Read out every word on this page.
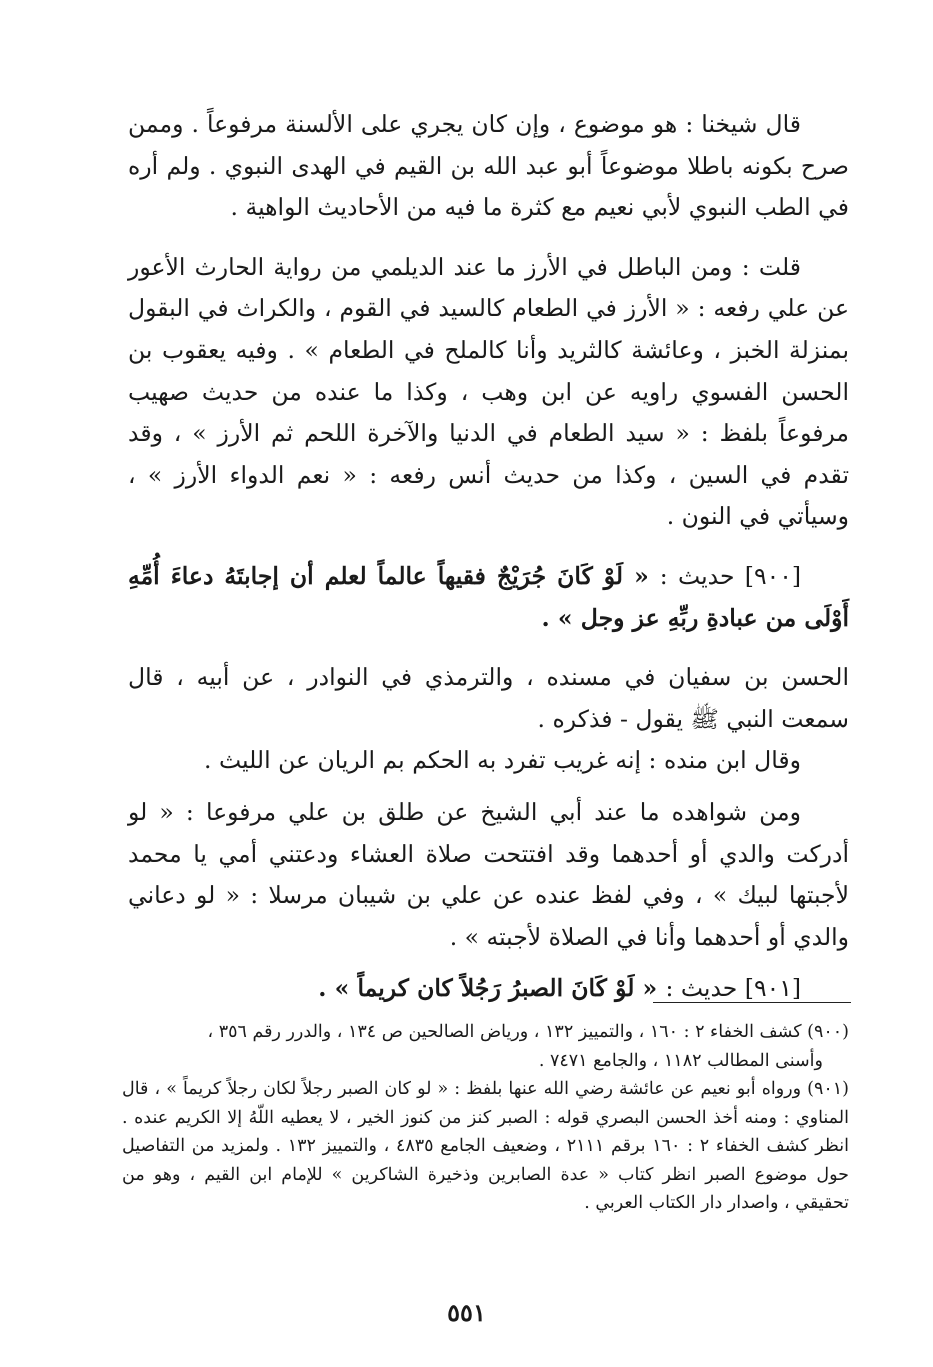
قال شيخنا : هو موضوع ، وإن كان يجري على الألسنة مرفوعاً . وممن صرح بكونه باطلا موضوعاً أبو عبد الله بن القيم في الهدى النبوي . ولم أره في الطب النبوي لأبي نعيم مع كثرة ما فيه من الأحاديث الواهية .

قلت : ومن الباطل في الأرز ما عند الديلمي من رواية الحارث الأعور عن علي رفعه : « الأرز في الطعام كالسيد في القوم ، والكراث في البقول بمنزلة الخبز ، وعائشة كالثريد وأنا كالملح في الطعام » . وفيه يعقوب بن الحسن الفسوي راويه عن ابن وهب ، وكذا ما عنده من حديث صهيب مرفوعاً بلفظ : « سيد الطعام في الدنيا والآخرة اللحم ثم الأرز » ، وقد تقدم في السين ، وكذا من حديث أنس رفعه : « نعم الدواء الأرز » ، وسيأتي في النون .

[٩٠٠] حديث : « لَوْ كَانَ جُرَيْجٌ فقيهاً عالماً لعلم أن إجابتَهُ دعاءَ أُمِّهِ أَوْلَى من عبادةِ ربِّهِ عز وجل » .

الحسن بن سفيان في مسنده ، والترمذي في النوادر ، عن أبيه ، قال سمعت النبي ﷺ يقول - فذكره .

وقال ابن منده : إنه غريب تفرد به الحكم بم الريان عن الليث .

ومن شواهده ما عند أبي الشيخ عن طلق بن علي مرفوعا : « لو أدركت والدي أو أحدهما وقد افتتحت صلاة العشاء ودعتني أمي يا محمد لأجبتها لبيك » ، وفي لفظ عنده عن علي بن شيبان مرسلا : « لو دعاني والدي أو أحدهما وأنا في الصلاة لأجبته » .

[٩٠١] حديث : « لَوْ كَانَ الصبرُ رَجُلاً كان كريماً » .

(٩٠٠) كشف الخفاء ٢ : ١٦٠ ، والتمييز ١٣٢ ، ورياض الصالحين ص ١٣٤ ، والدرر رقم ٣٥٦ ،

وأسنى المطالب ١١٨٢ ، والجامع ٧٤٧١ .

(٩٠١) ورواه أبو نعيم عن عائشة رضي الله عنها بلفظ : « لو كان الصبر رجلاً لكان رجلاً كريماً » ، قال المناوي : ومنه أخذ الحسن البصري قوله : الصبر كنز من كنوز الخير ، لا يعطيه اللّهُ إلا الكريم عنده . انظر كشف الخفاء ٢ : ١٦٠ برقم ٢١١١ ، وضعيف الجامع ٤٨٣٥ ، والتمييز ١٣٢ . ولمزيد من التفاصيل حول موضوع الصبر انظر كتاب « عدة الصابرين وذخيرة الشاكرين » للإمام ابن القيم ، وهو من تحقيقي ، واصدار دار الكتاب العربي .

٥٥١
